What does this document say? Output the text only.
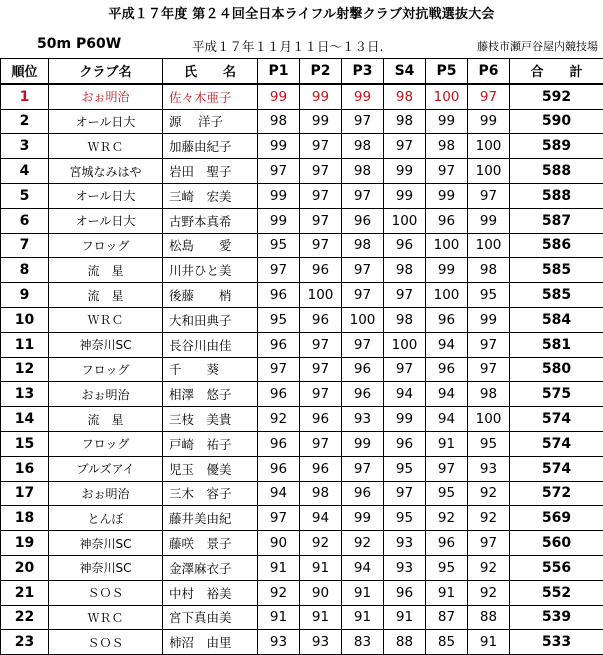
平成１７年度 第２４回全日本ライフル射撃クラブ対抗戦選抜大会
50m P60W	平成１７年１１月１１日～１３日.	藤枝市瀬戸谷屋内競技場
順位	クラブ名	氏　　名	P1	P2	P3	S4	P5	P6	合　　計
1	おぉ明治	佐々木亜子	99	99	99	98	100	97	592
2	オール日大	源　 洋子	98	99	97	98	99	99	590
3	ＷＲＣ	加藤由紀子	99	97	98	97	98	100	589
4	宮城なみはや	岩田　聖子	97	97	98	99	97	100	588
5	オール日大	三崎　宏美	99	97	97	99	99	97	588
6	オール日大	古野本真希	99	97	96	100	96	99	587
7	フロッグ	松島　　愛	95	97	98	96	100	100	586
8	流　星	川井ひと美	97	96	97	98	99	98	585
9	流　星	後藤　　梢	96	100	97	97	100	95	585
10	ＷＲＣ	大和田典子	95	96	100	98	96	99	584
11	神奈川SC	長谷川由佳	96	97	97	100	94	97	581
12	フロッグ	千　　葵	97	97	96	97	96	97	580
13	おぉ明治	相澤　悠子	96	97	96	94	94	98	575
14	流　星	三枝　美貴	92	96	93	99	94	100	574
15	フロッグ	戸崎　祐子	96	97	99	96	91	95	574
16	ブルズアイ	児玉　優美	96	96	97	95	97	93	574
17	おぉ明治	三木　容子	94	98	96	97	95	92	572
18	とんぼ	藤井美由紀	97	94	99	95	92	92	569
19	神奈川SC	藤咲　景子	90	92	92	93	96	97	560
20	神奈川SC	金澤麻衣子	91	91	94	93	95	92	556
21	ＳＯＳ	中村　裕美	92	90	91	96	91	92	552
22	ＷＲＣ	宮下真由美	91	91	91	91	87	88	539
23	ＳＯＳ	柿沼　由里	93	93	83	88	85	91	533
